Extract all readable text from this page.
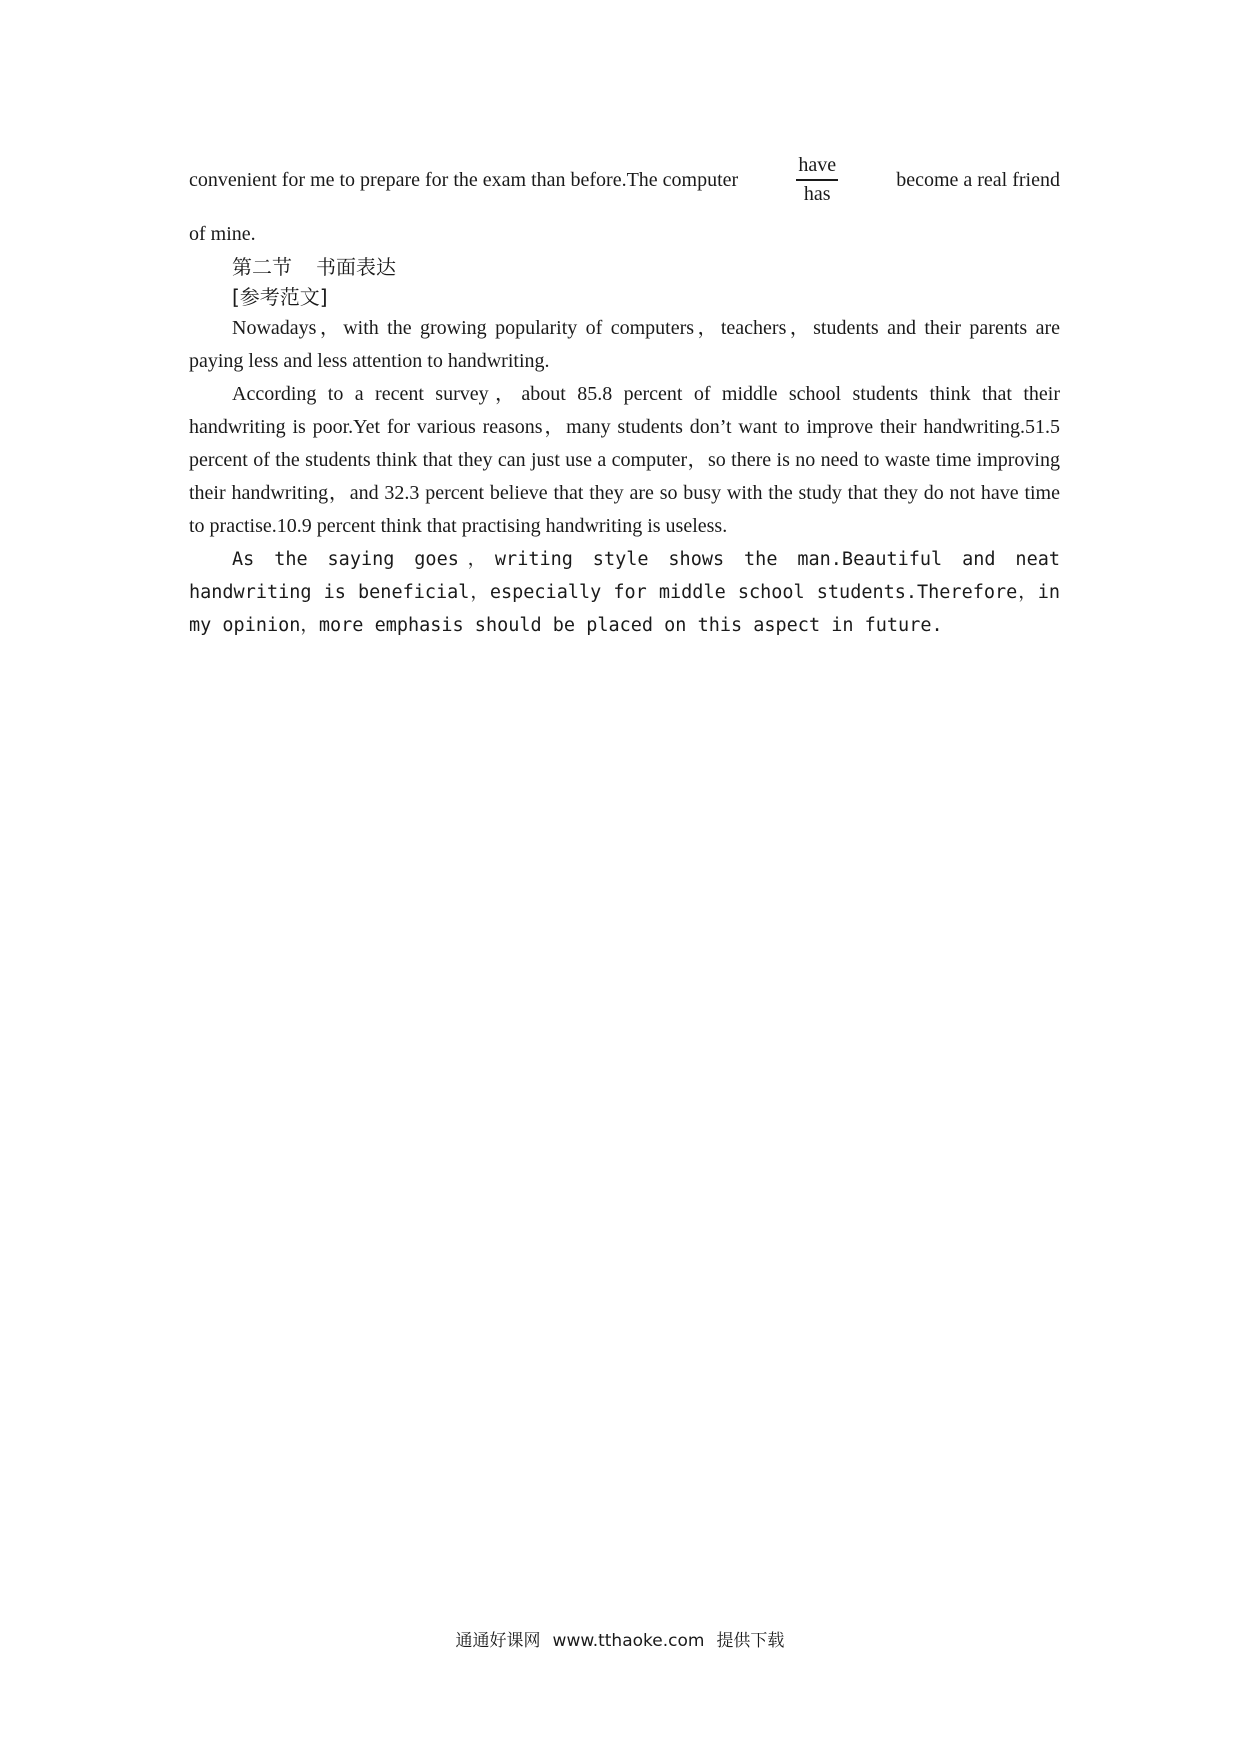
convenient for me to prepare for the exam than before.The computer
have
has
become a real friend
of mine.
第二节 书面表达
[参考范文]

Nowadays，with the growing popularity of computers，teachers，students and their parents are paying less and less attention to handwriting.

According to a recent survey，about 85.8 percent of middle school students think that their handwriting is poor.Yet for various reasons，many students don’t want to improve their handwriting.51.5 percent of the students think that they can just use a computer，so there is no need to waste time improving their handwriting，and 32.3 percent believe that they are so busy with the study that they do not have time to practise.10.9 percent think that practising handwriting is useless.

As the saying goes，writing style shows the man.Beautiful and neat handwriting is beneficial，especially for middle school students.Therefore，in my opinion，more emphasis should be placed on this aspect in future.

通通好课网 www.tthaoke.com 提供下载
